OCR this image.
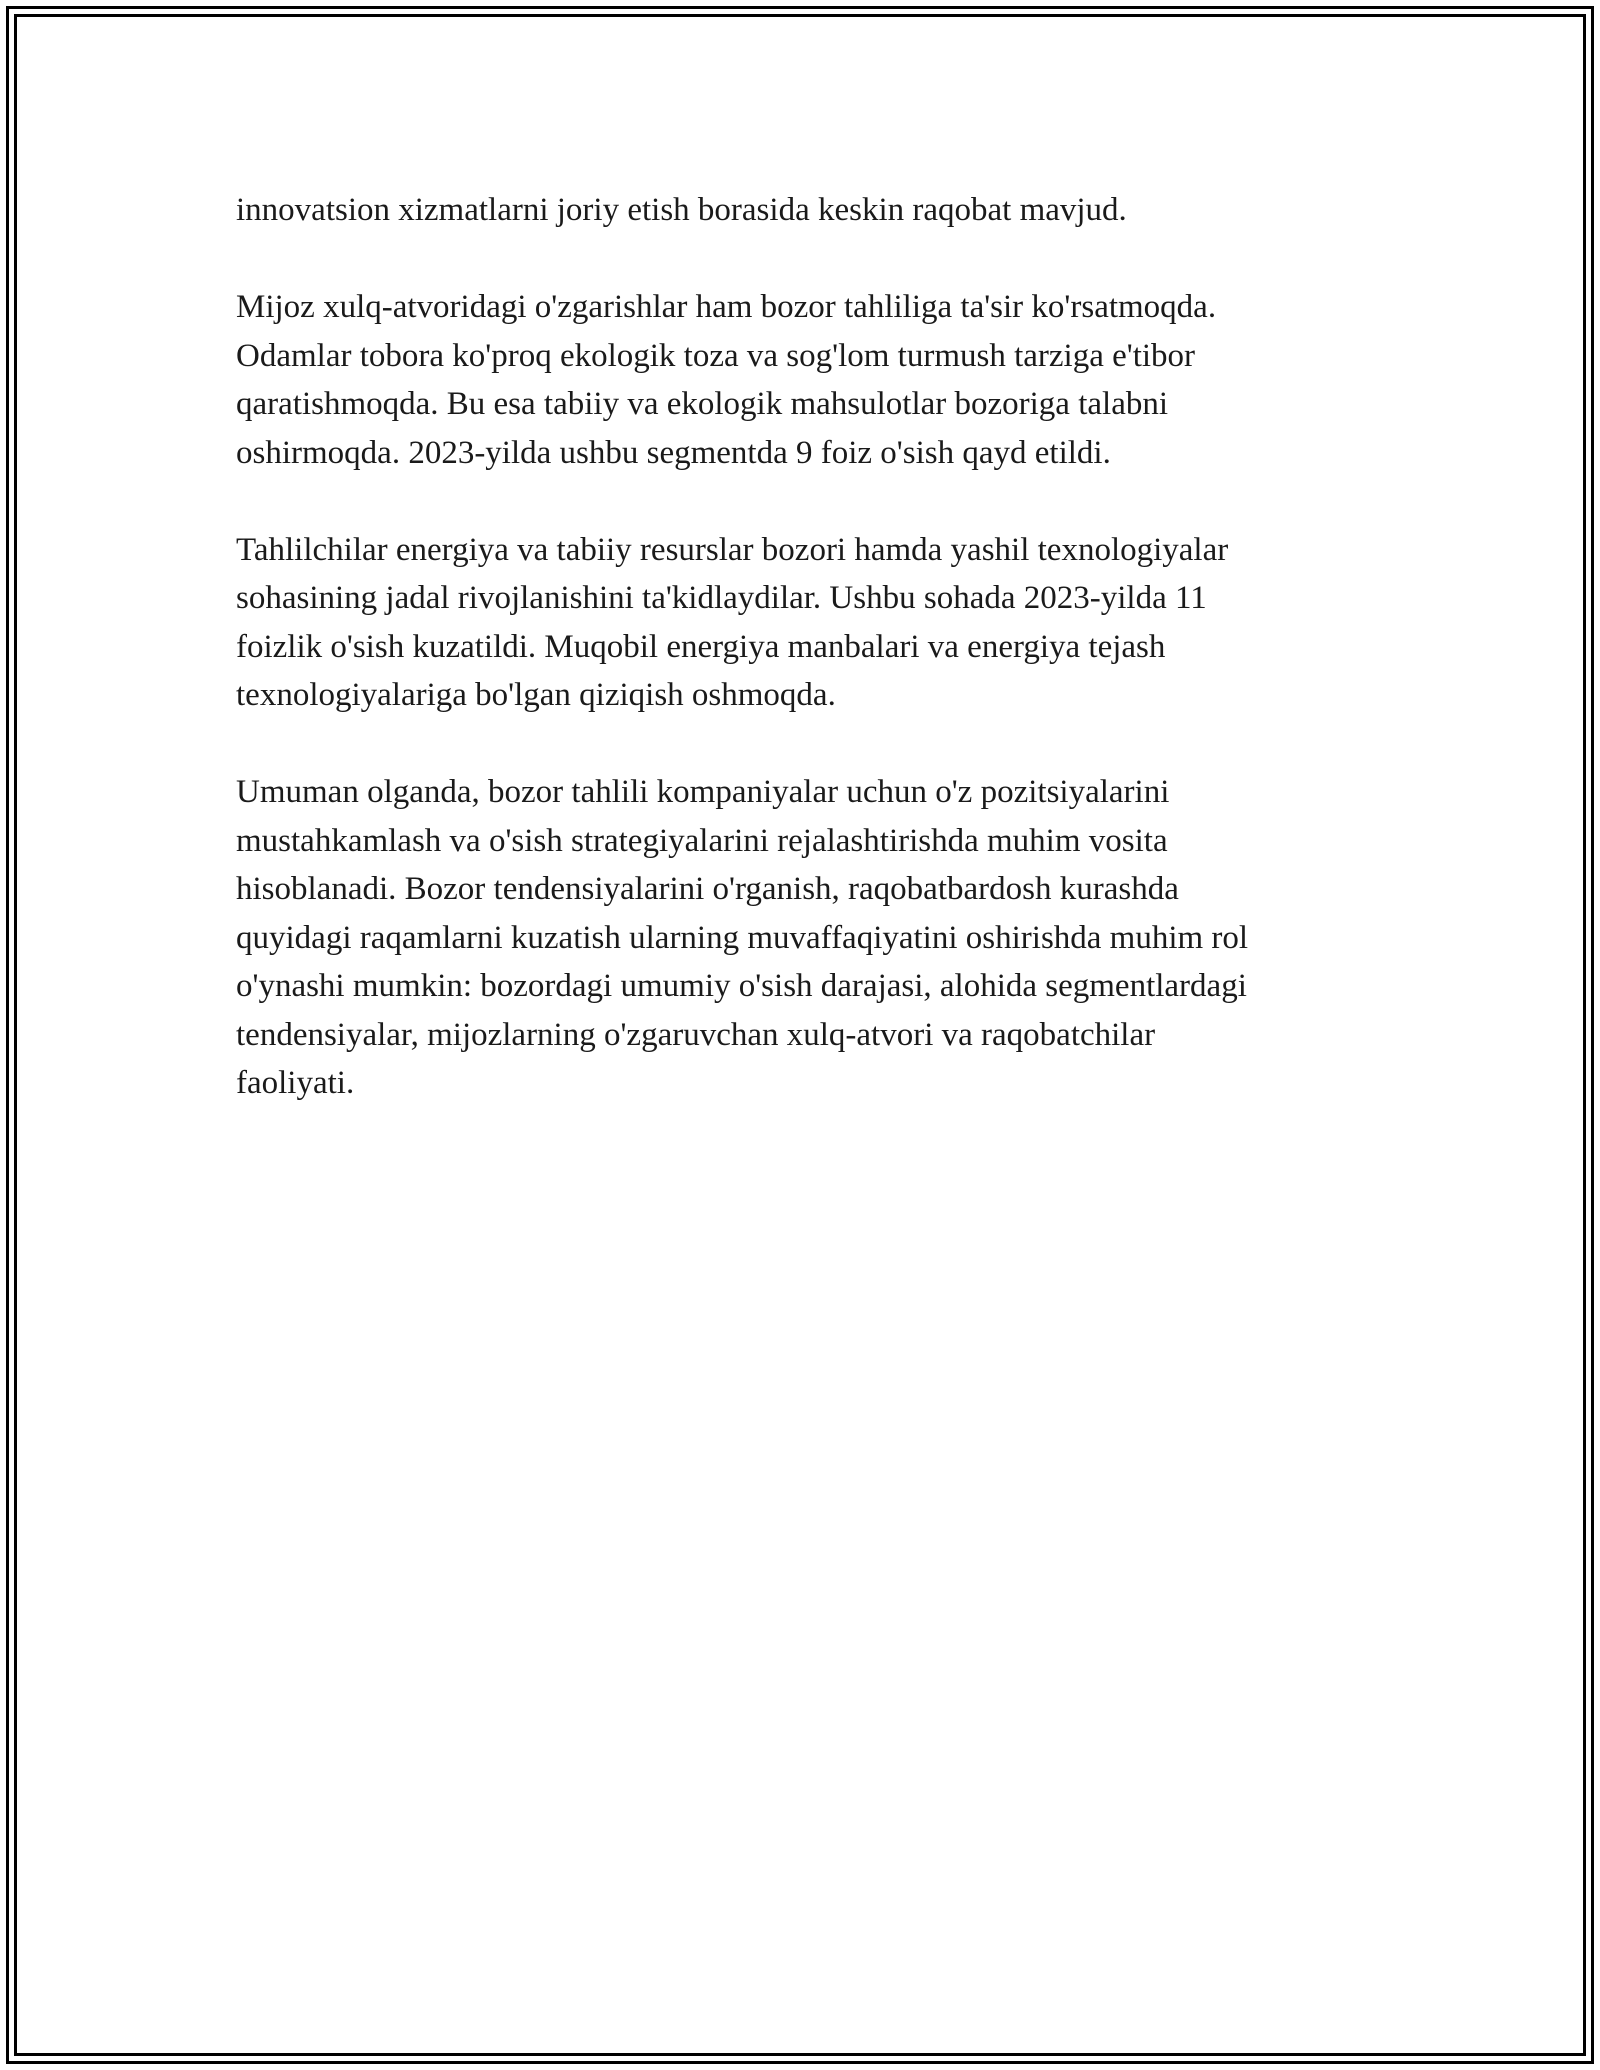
innovatsion xizmatlarni joriy etish borasida keskin raqobat mavjud.

Mijoz xulq-atvoridagi o'zgarishlar ham bozor tahliliga ta'sir ko'rsatmoqda.
Odamlar tobora ko'proq ekologik toza va sog'lom turmush tarziga e'tibor
qaratishmoqda. Bu esa tabiiy va ekologik mahsulotlar bozoriga talabni
oshirmoqda. 2023-yilda ushbu segmentda 9 foiz o'sish qayd etildi.

Tahlilchilar energiya va tabiiy resurslar bozori hamda yashil texnologiyalar
sohasining jadal rivojlanishini ta'kidlaydilar. Ushbu sohada 2023-yilda 11
foizlik o'sish kuzatildi. Muqobil energiya manbalari va energiya tejash
texnologiyalariga bo'lgan qiziqish oshmoqda.

Umuman olganda, bozor tahlili kompaniyalar uchun o'z pozitsiyalarini
mustahkamlash va o'sish strategiyalarini rejalashtirishda muhim vosita
hisoblanadi. Bozor tendensiyalarini o'rganish, raqobatbardosh kurashda
quyidagi raqamlarni kuzatish ularning muvaffaqiyatini oshirishda muhim rol
o'ynashi mumkin: bozordagi umumiy o'sish darajasi, alohida segmentlardagi
tendensiyalar, mijozlarning o'zgaruvchan xulq-atvori va raqobatchilar
faoliyati.
